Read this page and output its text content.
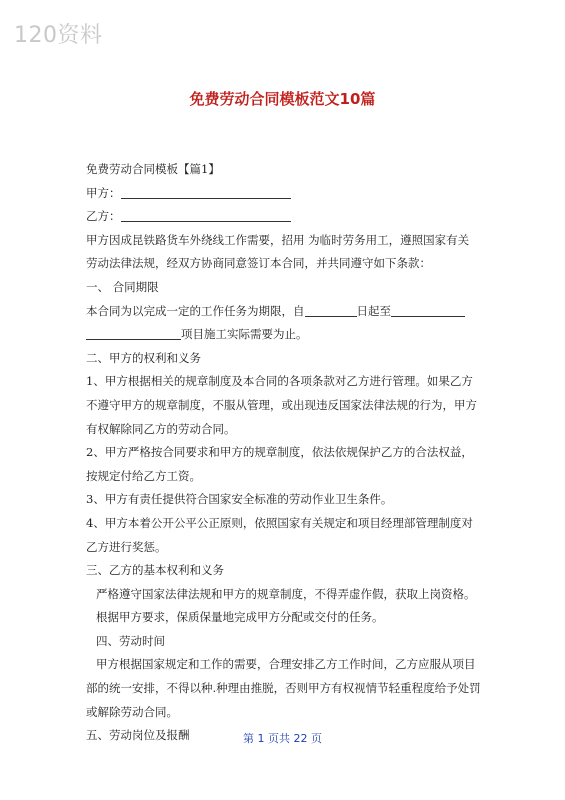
120资料
免费劳动合同模板范文10篇

免费劳动合同模板【篇1】

甲方：

乙方：

甲方因成昆铁路货车外绕线工作需要，招用 为临时劳务用工，遵照国家有关

劳动法律法规，经双方协商同意签订本合同，并共同遵守如下条款：

一、 合同期限

本合同为以完成一定的工作任务为期限，自	日起至

项目施工实际需要为止。

二、甲方的权利和义务

1、甲方根据相关的规章制度及本合同的各项条款对乙方进行管理。如果乙方

不遵守甲方的规章制度，不服从管理，或出现违反国家法律法规的行为，甲方

有权解除同乙方的劳动合同。

2、甲方严格按合同要求和甲方的规章制度，依法依规保护乙方的合法权益，

按规定付给乙方工资。

3、甲方有责任提供符合国家安全标准的劳动作业卫生条件。

4、甲方本着公开公平公正原则，依照国家有关规定和项目经理部管理制度对

乙方进行奖惩。

三、乙方的基本权利和义务

严格遵守国家法律法规和甲方的规章制度，不得弄虚作假，获取上岗资格。

根据甲方要求，保质保量地完成甲方分配或交付的任务。

四、劳动时间

甲方根据国家规定和工作的需要，合理安排乙方工作时间，乙方应服从项目

部的统一安排，不得以种.种理由推脱，否则甲方有权视情节轻重程度给予处罚

或解除劳动合同。

五、劳动岗位及报酬	第 1 页共 22 页
